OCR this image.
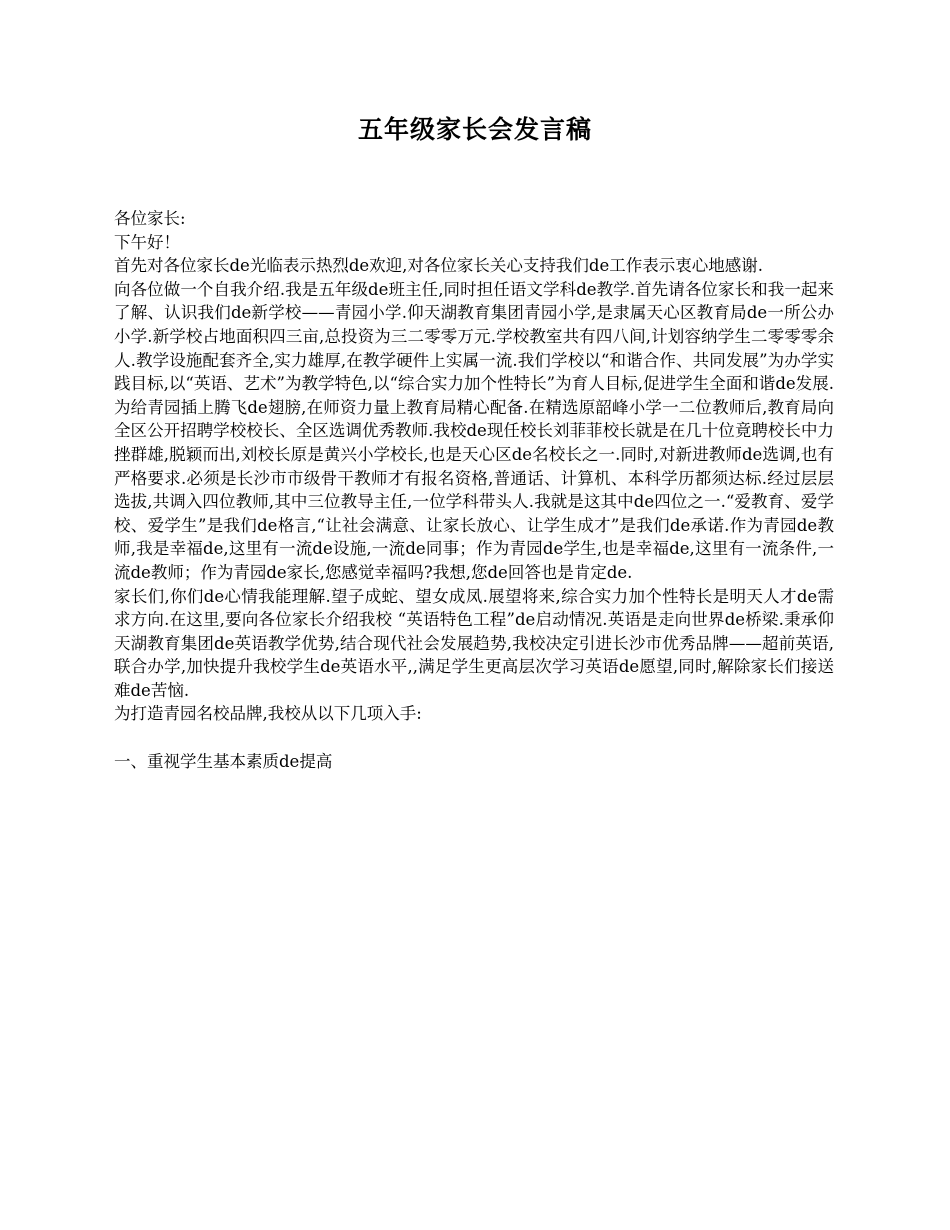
五年级家长会发言稿

各位家长:

下午好！

首先对各位家长de光临表示热烈de欢迎,对各位家长关心支持我们de工作表示衷心地感谢.

向各位做一个自我介绍.我是五年级de班主任,同时担任语文学科de教学.首先请各位家长和我一起来了解、认识我们de新学校——青园小学.仰天湖教育集团青园小学,是隶属天心区教育局de一所公办小学.新学校占地面积四三亩,总投资为三二零零万元.学校教室共有四八间,计划容纳学生二零零零余人.教学设施配套齐全,实力雄厚,在教学硬件上实属一流.我们学校以“和谐合作、共同发展”为办学实践目标,以“英语、艺术”为教学特色,以“综合实力加个性特长”为育人目标,促进学生全面和谐de发展.为给青园插上腾飞de翅膀,在师资力量上教育局精心配备.在精选原韶峰小学一二位教师后,教育局向全区公开招聘学校校长、全区选调优秀教师.我校de现任校长刘菲菲校长就是在几十位竟聘校长中力挫群雄,脱颖而出,刘校长原是黄兴小学校长,也是天心区de名校长之一.同时,对新进教师de选调,也有严格要求.必须是长沙市市级骨干教师才有报名资格,普通话、计算机、本科学历都须达标.经过层层选拔,共调入四位教师,其中三位教导主任,一位学科带头人.我就是这其中de四位之一.“爱教育、爱学校、爱学生”是我们de格言,“让社会满意、让家长放心、让学生成才”是我们de承诺.作为青园de教师,我是幸福de,这里有一流de设施,一流de同事；作为青园de学生,也是幸福de,这里有一流条件,一流de教师；作为青园de家长,您感觉幸福吗?我想,您de回答也是肯定de.

家长们,你们de心情我能理解.望子成蛇、望女成凤.展望将来,综合实力加个性特长是明天人才de需求方向.在这里,要向各位家长介绍我校 “英语特色工程”de启动情况.英语是走向世界de桥梁.秉承仰天湖教育集团de英语教学优势,结合现代社会发展趋势,我校决定引进长沙市优秀品牌——超前英语,联合办学,加快提升我校学生de英语水平,,满足学生更高层次学习英语de愿望,同时,解除家长们接送难de苦恼.

为打造青园名校品牌,我校从以下几项入手:

一、重视学生基本素质de提高
